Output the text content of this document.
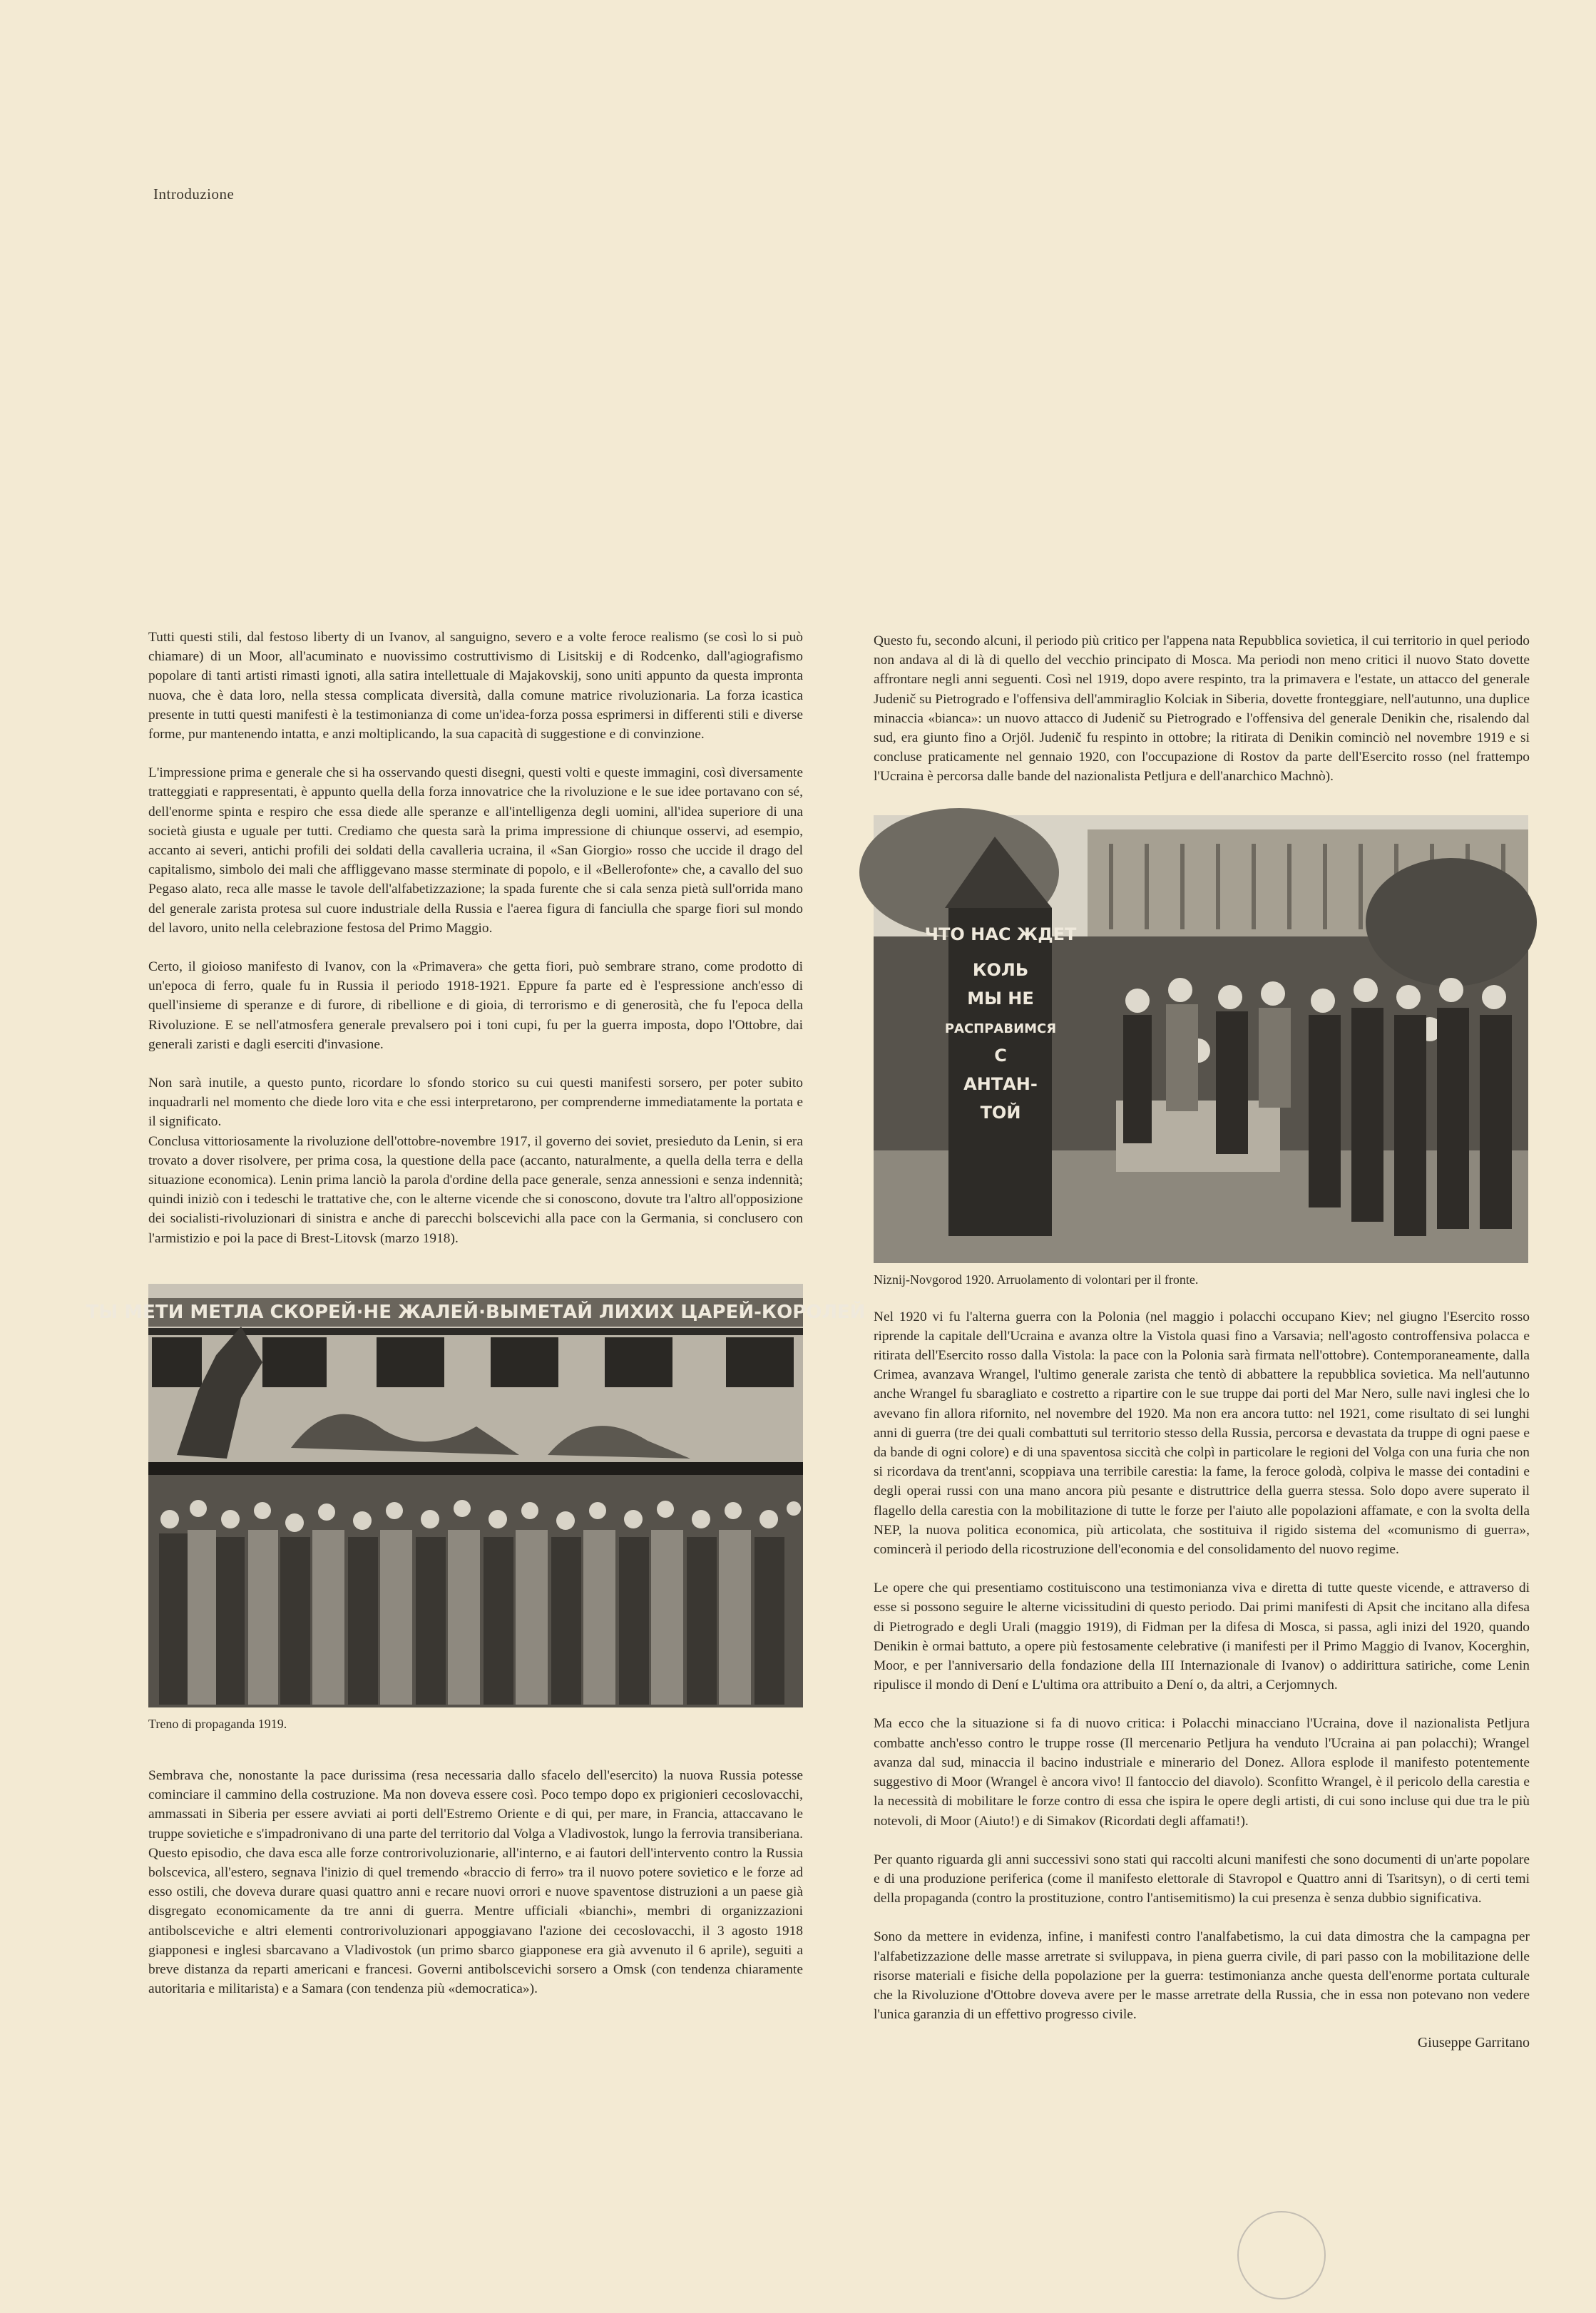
Introduzione

Tutti questi stili, dal festoso liberty di un Ivanov, al sanguigno, severo e a volte feroce realismo (se così lo si può chiamare) di un Moor, all'acuminato e nuovissimo costruttivismo di Lisitskij e di Rodcenko, dall'agiografismo popolare di tanti artisti rimasti ignoti, alla satira intellettuale di Majakovskij, sono uniti appunto da questa impronta nuova, che è data loro, nella stessa complicata diversità, dalla comune matrice rivoluzionaria. La forza icastica presente in tutti questi manifesti è la testimonianza di come un'idea-forza possa esprimersi in differenti stili e diverse forme, pur mantenendo intatta, e anzi moltiplicando, la sua capacità di suggestione e di convinzione.

L'impressione prima e generale che si ha osservando questi disegni, questi volti e queste immagini, così diversamente tratteggiati e rappresentati, è appunto quella della forza innovatrice che la rivoluzione e le sue idee portavano con sé, dell'enorme spinta e respiro che essa diede alle speranze e all'intelligenza degli uomini, all'idea superiore di una società giusta e uguale per tutti. Crediamo che questa sarà la prima impressione di chiunque osservi, ad esempio, accanto ai severi, antichi profili dei soldati della cavalleria ucraina, il «San Giorgio» rosso che uccide il drago del capitalismo, simbolo dei mali che affliggevano masse sterminate di popolo, e il «Bellerofonte» che, a cavallo del suo Pegaso alato, reca alle masse le tavole dell'alfabetizzazione; la spada furente che si cala senza pietà sull'orrida mano del generale zarista protesa sul cuore industriale della Russia e l'aerea figura di fanciulla che sparge fiori sul mondo del lavoro, unito nella celebrazione festosa del Primo Maggio.

Certo, il gioioso manifesto di Ivanov, con la «Primavera» che getta fiori, può sembrare strano, come prodotto di un'epoca di ferro, quale fu in Russia il periodo 1918-1921. Eppure fa parte ed è l'espressione anch'esso di quell'insieme di speranze e di furore, di ribellione e di gioia, di terrorismo e di generosità, che fu l'epoca della Rivoluzione. E se nell'atmosfera generale prevalsero poi i toni cupi, fu per la guerra imposta, dopo l'Ottobre, dai generali zaristi e dagli eserciti d'invasione.

Non sarà inutile, a questo punto, ricordare lo sfondo storico su cui questi manifesti sorsero, per poter subito inquadrarli nel momento che diede loro vita e che essi interpretarono, per comprenderne immediatamente la portata e il significato.

Conclusa vittoriosamente la rivoluzione dell'ottobre-novembre 1917, il governo dei soviet, presieduto da Lenin, si era trovato a dover risolvere, per prima cosa, la questione della pace (accanto, naturalmente, a quella della terra e della situazione economica). Lenin prima lanciò la parola d'ordine della pace generale, senza annessioni e senza indennità; quindi iniziò con i tedeschi le trattative che, con le alterne vicende che si conoscono, dovute tra l'altro all'opposizione dei socialisti-rivoluzionari di sinistra e anche di parecchi bolscevichi alla pace con la Germania, si conclusero con l'armistizio e poi la pace di Brest-Litovsk (marzo 1918).

ТЫ МЕТИ МЕТЛА СКОРЕЙ·НЕ ЖАЛЕЙ·ВЫМЕТАЙ ЛИХИХ ЦАРЕЙ-КОРОЛЕЙ
Treno di propaganda 1919.

Sembrava che, nonostante la pace durissima (resa necessaria dallo sfacelo dell'esercito) la nuova Russia potesse cominciare il cammino della costruzione. Ma non doveva essere così. Poco tempo dopo ex prigionieri cecoslovacchi, ammassati in Siberia per essere avviati ai porti dell'Estremo Oriente e di qui, per mare, in Francia, attaccavano le truppe sovietiche e s'impadronivano di una parte del territorio dal Volga a Vladivostok, lungo la ferrovia transiberiana. Questo episodio, che dava esca alle forze controrivoluzionarie, all'interno, e ai fautori dell'intervento contro la Russia bolscevica, all'estero, segnava l'inizio di quel tremendo «braccio di ferro» tra il nuovo potere sovietico e le forze ad esso ostili, che doveva durare quasi quattro anni e recare nuovi orrori e nuove spaventose distruzioni a un paese già disgregato economicamente da tre anni di guerra. Mentre ufficiali «bianchi», membri di organizzazioni antibolsceviche e altri elementi controrivoluzionari appoggiavano l'azione dei cecoslovacchi, il 3 agosto 1918 giapponesi e inglesi sbarcavano a Vladivostok (un primo sbarco giapponese era già avvenuto il 6 aprile), seguiti a breve distanza da reparti americani e francesi. Governi antibolscevichi sorsero a Omsk (con tendenza chiaramente autoritaria e militarista) e a Samara (con tendenza più «democratica»).

Questo fu, secondo alcuni, il periodo più critico per l'appena nata Repubblica sovietica, il cui territorio in quel periodo non andava al di là di quello del vecchio principato di Mosca. Ma periodi non meno critici il nuovo Stato dovette affrontare negli anni seguenti. Così nel 1919, dopo avere respinto, tra la primavera e l'estate, un attacco del generale Judenič su Pietrogrado e l'offensiva dell'ammiraglio Kolciak in Siberia, dovette fronteggiare, nell'autunno, una duplice minaccia «bianca»: un nuovo attacco di Judenič su Pietrogrado e l'offensiva del generale Denikin che, risalendo dal sud, era giunto fino a Orjöl. Judenič fu respinto in ottobre; la ritirata di Denikin cominciò nel novembre 1919 e si concluse praticamente nel gennaio 1920, con l'occupazione di Rostov da parte dell'Esercito rosso (nel frattempo l'Ucraina è percorsa dalle bande del nazionalista Petljura e dell'anarchico Machnò).

ЧТО НАС ЖДЕТ
КОЛЬ
МЫ НЕ
РАСПРАВИМСЯ
С
АНТАН-
ТОЙ
Niznij-Novgorod 1920. Arruolamento di volontari per il fronte.

Nel 1920 vi fu l'alterna guerra con la Polonia (nel maggio i polacchi occupano Kiev; nel giugno l'Esercito rosso riprende la capitale dell'Ucraina e avanza oltre la Vistola quasi fino a Varsavia; nell'agosto controffensiva polacca e ritirata dell'Esercito rosso dalla Vistola: la pace con la Polonia sarà firmata nell'ottobre). Contemporaneamente, dalla Crimea, avanzava Wrangel, l'ultimo generale zarista che tentò di abbattere la repubblica sovietica. Ma nell'autunno anche Wrangel fu sbaragliato e costretto a ripartire con le sue truppe dai porti del Mar Nero, sulle navi inglesi che lo avevano fin allora rifornito, nel novembre del 1920. Ma non era ancora tutto: nel 1921, come risultato di sei lunghi anni di guerra (tre dei quali combattuti sul territorio stesso della Russia, percorsa e devastata da truppe di ogni paese e da bande di ogni colore) e di una spaventosa siccità che colpì in particolare le regioni del Volga con una furia che non si ricordava da trent'anni, scoppiava una terribile carestia: la fame, la feroce golodà, colpiva le masse dei contadini e degli operai russi con una mano ancora più pesante e distruttrice della guerra stessa. Solo dopo avere superato il flagello della carestia con la mobilitazione di tutte le forze per l'aiuto alle popolazioni affamate, e con la svolta della NEP, la nuova politica economica, più articolata, che sostituiva il rigido sistema del «comunismo di guerra», comincerà il periodo della ricostruzione dell'economia e del consolidamento del nuovo regime.

Le opere che qui presentiamo costituiscono una testimonianza viva e diretta di tutte queste vicende, e attraverso di esse si possono seguire le alterne vicissitudini di questo periodo. Dai primi manifesti di Apsit che incitano alla difesa di Pietrogrado e degli Urali (maggio 1919), di Fidman per la difesa di Mosca, si passa, agli inizi del 1920, quando Denikin è ormai battuto, a opere più festosamente celebrative (i manifesti per il Primo Maggio di Ivanov, Kocerghin, Moor, e per l'anniversario della fondazione della III Internazionale di Ivanov) o addirittura satiriche, come Lenin ripulisce il mondo di Dení e L'ultima ora attribuito a Dení o, da altri, a Cerjomnych.

Ma ecco che la situazione si fa di nuovo critica: i Polacchi minacciano l'Ucraina, dove il nazionalista Petljura combatte anch'esso contro le truppe rosse (Il mercenario Petljura ha venduto l'Ucraina ai pan polacchi); Wrangel avanza dal sud, minaccia il bacino industriale e minerario del Donez. Allora esplode il manifesto potentemente suggestivo di Moor (Wrangel è ancora vivo! Il fantoccio del diavolo). Sconfitto Wrangel, è il pericolo della carestia e la necessità di mobilitare le forze contro di essa che ispira le opere degli artisti, di cui sono incluse qui due tra le più notevoli, di Moor (Aiuto!) e di Simakov (Ricordati degli affamati!).

Per quanto riguarda gli anni successivi sono stati qui raccolti alcuni manifesti che sono documenti di un'arte popolare e di una produzione periferica (come il manifesto elettorale di Stavropol e Quattro anni di Tsaritsyn), o di certi temi della propaganda (contro la prostituzione, contro l'antisemitismo) la cui presenza è senza dubbio significativa.

Sono da mettere in evidenza, infine, i manifesti contro l'analfabetismo, la cui data dimostra che la campagna per l'alfabetizzazione delle masse arretrate si sviluppava, in piena guerra civile, di pari passo con la mobilitazione delle risorse materiali e fisiche della popolazione per la guerra: testimonianza anche questa dell'enorme portata culturale che la Rivoluzione d'Ottobre doveva avere per le masse arretrate della Russia, che in essa non potevano non vedere l'unica garanzia di un effettivo progresso civile.

Giuseppe Garritano
